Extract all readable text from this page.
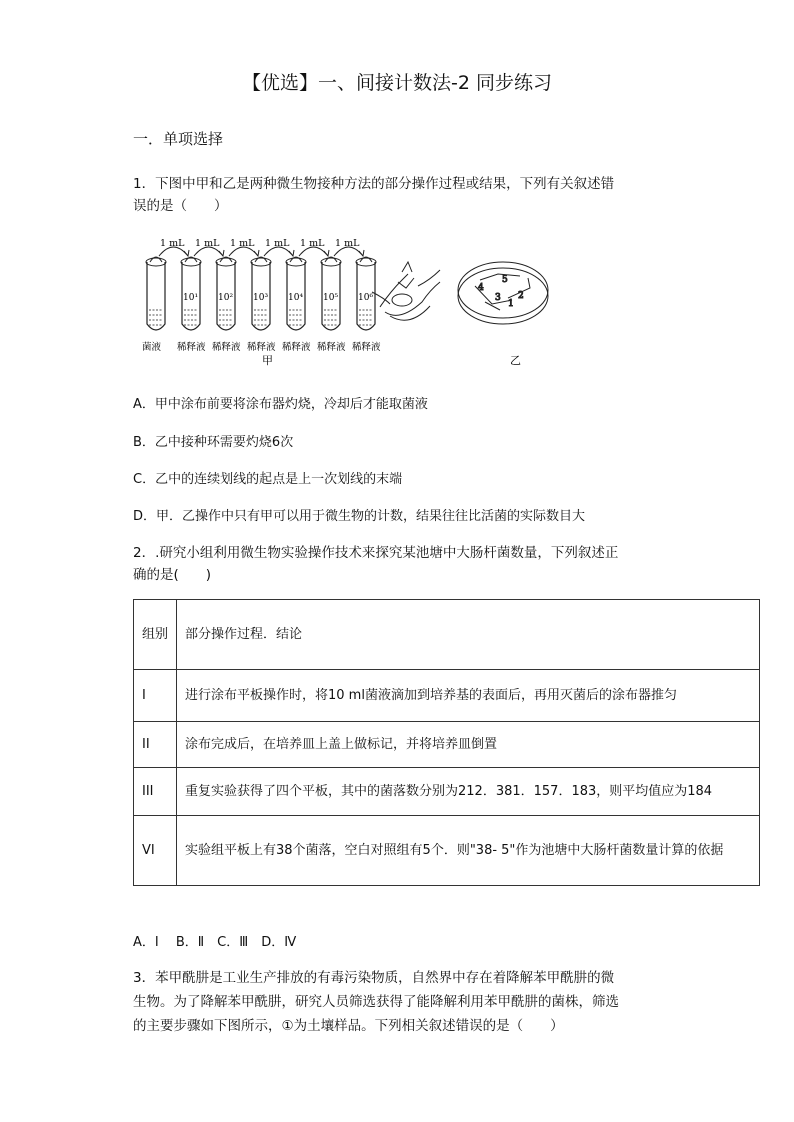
【优选】一、间接计数法-2 同步练习
一．单项选择
1．下图中甲和乙是两种微生物接种方法的部分操作过程或结果，下列有关叙述错
误的是（　　）
菌液
10¹
稀释液
10²
稀释液
10³
稀释液
10⁴
稀释液
10⁵
稀释液
10⁶
稀释液
1 mL 1 mL 1 mL 1 mL 1 mL 1 mL
1
2
3
4
5
甲	乙
A．甲中涂布前要将涂布器灼烧，冷却后才能取菌液
B．乙中接种环需要灼烧6次
C．乙中的连续划线的起点是上一次划线的末端
D．甲．乙操作中只有甲可以用于微生物的计数，结果往往比活菌的实际数目大
2．.研究小组利用微生物实验操作技术来探究某池塘中大肠杆菌数量，下列叙述正
确的是(　　)
组别	部分操作过程．结论
I	进行涂布平板操作时，将10 ml菌液滴加到培养基的表面后，再用灭菌后的涂布器推匀
II	涂布完成后，在培养皿上盖上做标记，并将培养皿倒置
III	重复实验获得了四个平板，其中的菌落数分别为212．381．157．183，则平均值应为184
VI	实验组平板上有38个菌落，空白对照组有5个．则"38- 5"作为池塘中大肠杆菌数量计算的依据
A．Ⅰ　 B．Ⅱ　C．Ⅲ　D．Ⅳ
3．苯甲酰肼是工业生产排放的有毒污染物质，自然界中存在着降解苯甲酰肼的微
生物。为了降解苯甲酰肼，研究人员筛选获得了能降解利用苯甲酰肼的菌株，筛选
的主要步骤如下图所示，①为土壤样品。下列相关叙述错误的是（　　）
